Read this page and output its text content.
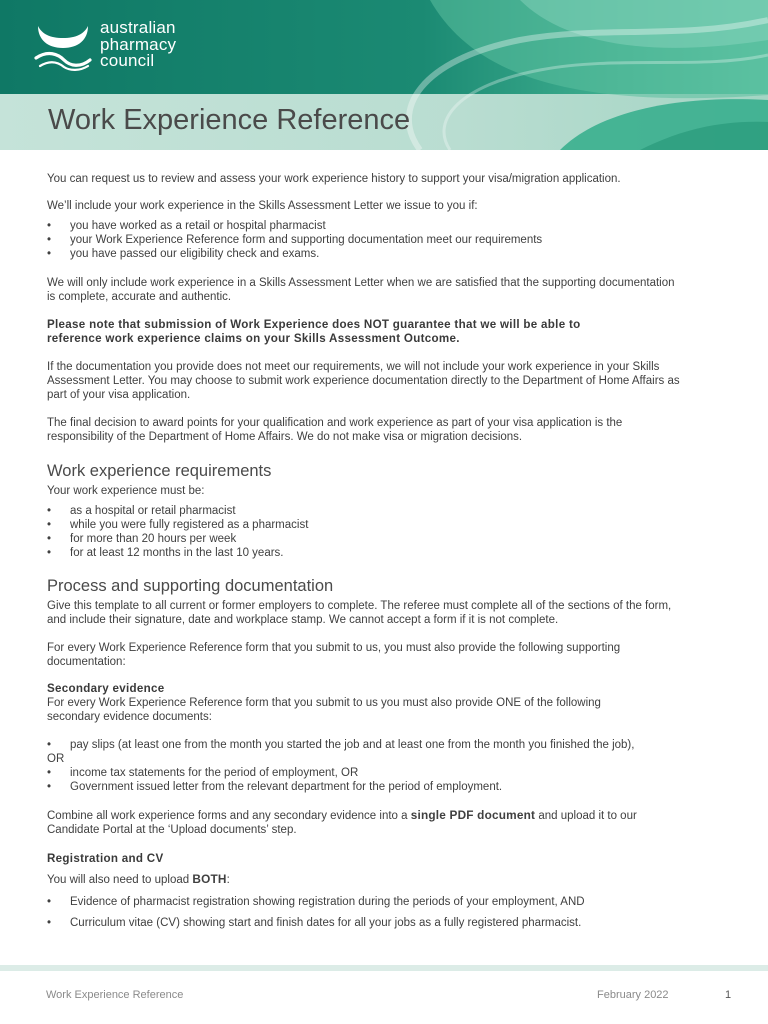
australian
pharmacy
council
Work Experience Reference

You can request us to review and assess your work experience history to support your visa/migration application.

We’ll include your work experience in the Skills Assessment Letter we issue to you if:

• you have worked as a retail or hospital pharmacist
• your Work Experience Reference form and supporting documentation meet our requirements
• you have passed our eligibility check and exams.

We will only include work experience in a Skills Assessment Letter when we are satisfied that the supporting documentation
is complete, accurate and authentic.

Please note that submission of Work Experience does NOT guarantee that we will be able to
reference work experience claims on your Skills Assessment Outcome.

If the documentation you provide does not meet our requirements, we will not include your work experience in your Skills
Assessment Letter. You may choose to submit work experience documentation directly to the Department of Home Affairs as
part of your visa application.

The final decision to award points for your qualification and work experience as part of your visa application is the
responsibility of the Department of Home Affairs. We do not make visa or migration decisions.

Work experience requirements

Your work experience must be:

• as a hospital or retail pharmacist
• while you were fully registered as a pharmacist
• for more than 20 hours per week
• for at least 12 months in the last 10 years.
Process and supporting documentation

Give this template to all current or former employers to complete. The referee must complete all of the sections of the form,
and include their signature, date and workplace stamp. We cannot accept a form if it is not complete.

For every Work Experience Reference form that you submit to us, you must also provide the following supporting
documentation:

Secondary evidence

For every Work Experience Reference form that you submit to us you must also provide ONE of the following
secondary evidence documents:

• pay slips (at least one from the month you started the job and at least one from the month you finished the job),
OR
• income tax statements for the period of employment, OR
• Government issued letter from the relevant department for the period of employment.

Combine all work experience forms and any secondary evidence into a single PDF document and upload it to our
Candidate Portal at the ‘Upload documents’ step.

Registration and CV

You will also need to upload BOTH:

• Evidence of pharmacist registration showing registration during the periods of your employment, AND
• Curriculum vitae (CV) showing start and finish dates for all your jobs as a fully registered pharmacist.
Work Experience Reference	February 2022	1
